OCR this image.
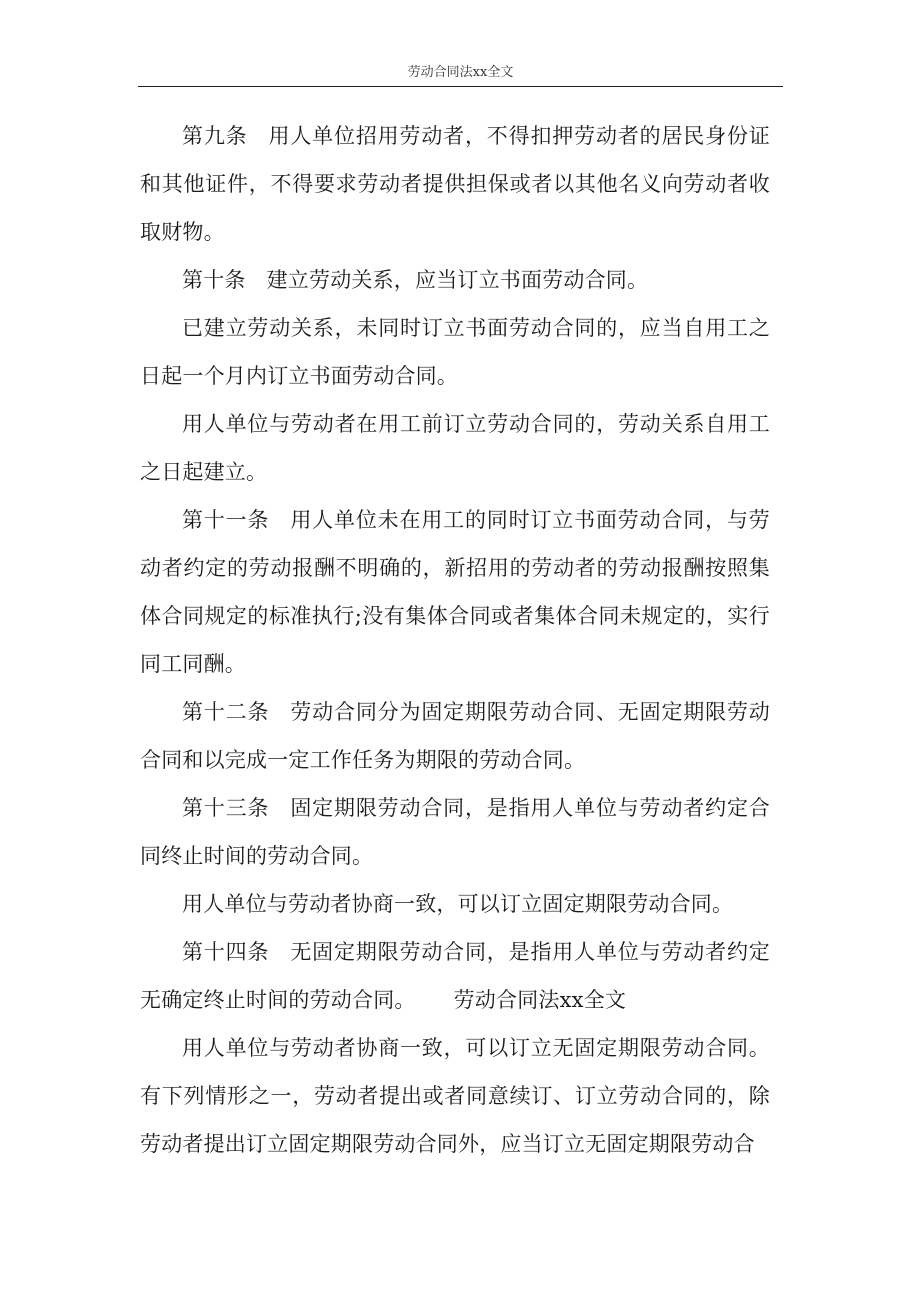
劳动合同法xx全文

第九条 用人单位招用劳动者，不得扣押劳动者的居民身份证和其他证件，不得要求劳动者提供担保或者以其他名义向劳动者收取财物。

第十条 建立劳动关系，应当订立书面劳动合同。

已建立劳动关系，未同时订立书面劳动合同的，应当自用工之日起一个月内订立书面劳动合同。

用人单位与劳动者在用工前订立劳动合同的，劳动关系自用工之日起建立。

第十一条 用人单位未在用工的同时订立书面劳动合同，与劳动者约定的劳动报酬不明确的，新招用的劳动者的劳动报酬按照集体合同规定的标准执行;没有集体合同或者集体合同未规定的，实行同工同酬。

第十二条 劳动合同分为固定期限劳动合同、无固定期限劳动合同和以完成一定工作任务为期限的劳动合同。

第十三条 固定期限劳动合同，是指用人单位与劳动者约定合同终止时间的劳动合同。

用人单位与劳动者协商一致，可以订立固定期限劳动合同。

第十四条 无固定期限劳动合同，是指用人单位与劳动者约定无确定终止时间的劳动合同。 劳动合同法xx全文

用人单位与劳动者协商一致，可以订立无固定期限劳动合同。有下列情形之一，劳动者提出或者同意续订、订立劳动合同的，除劳动者提出订立固定期限劳动合同外，应当订立无固定期限劳动合
